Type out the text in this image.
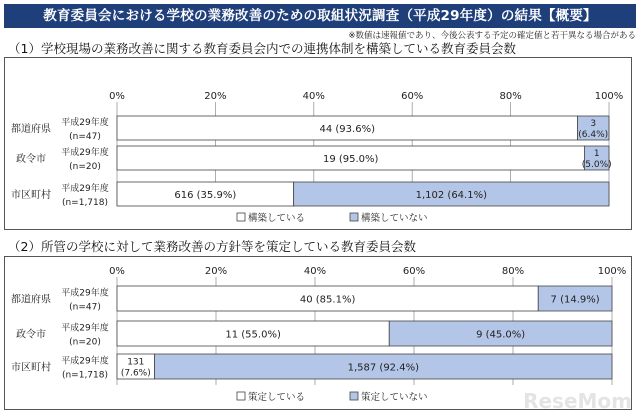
教育委員会における学校の業務改善のための取組状況調査（平成29年度）の結果【概要】
※数値は速報値であり、今後公表する予定の確定値と若干異なる場合がある
（1）学校現場の業務改善に関する教育委員会内での連携体制を構築している教育委員会数
0%	20%	40%	60%	80%	100%
都道府県
平成29年度
(n=47)
44 (93.6%)	3
(6.4%)
政令市
平成29年度
(n=20)
19 (95.0%)	1
(5.0%)
市区町村
平成29年度
(n=1,718)
616 (35.9%)	1,102 (64.1%)
構築している	構築していない
（2）所管の学校に対して業務改善の方針等を策定している教育委員会数
0%	20%	40%	60%	80%	100%
都道府県
平成29年度
(n=47)
40 (85.1%)	7 (14.9%)
政令市
平成29年度
(n=20)
11 (55.0%)	9 (45.0%)
市区町村
平成29年度
(n=1,718)
131
(7.6%)	1,587 (92.4%)
策定している	策定していない	ReseMom
